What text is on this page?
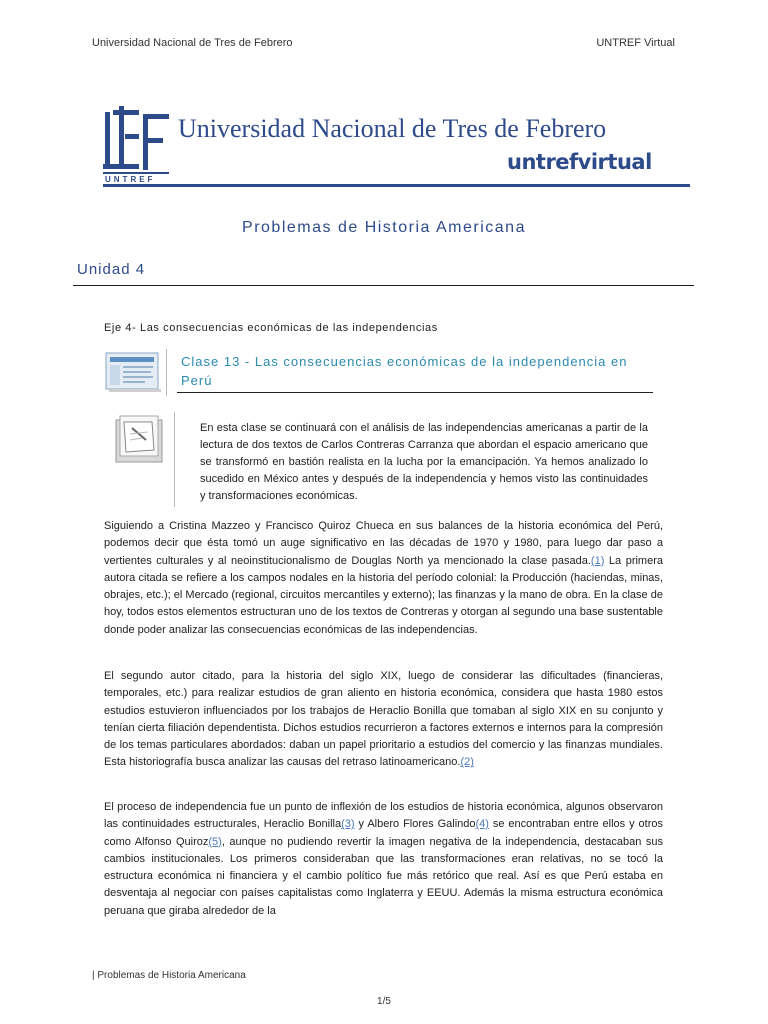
Universidad Nacional de Tres de Febrero	UNTREF Virtual
UNTREF
Universidad Nacional de Tres de Febrero
untrefvirtual
Problemas de Historia Americana
Unidad 4
Eje 4- Las consecuencias económicas de las independencias
Clase 13 - Las consecuencias económicas de la independencia en Perú
En esta clase se continuará con el análisis de las independencias americanas a partir de la lectura de dos textos de Carlos Contreras Carranza que abordan el espacio americano que se transformó en bastión realista en la lucha por la emancipación. Ya hemos analizado lo sucedido en México antes y después de la independencia y hemos visto las continuidades y transformaciones económicas.
Siguiendo a Cristina Mazzeo y Francisco Quiroz Chueca en sus balances de la historia económica del Perú, podemos decir que ésta tomó un auge significativo en las décadas de 1970 y 1980, para luego dar paso a vertientes culturales y al neoinstitucionalismo de Douglas North ya mencionado la clase pasada.(1) La primera autora citada se refiere a los campos nodales en la historia del período colonial: la Producción (haciendas, minas, obrajes, etc.); el Mercado (regional, circuitos mercantiles y externo); las finanzas y la mano de obra. En la clase de hoy, todos estos elementos estructuran uno de los textos de Contreras y otorgan al segundo una base sustentable donde poder analizar las consecuencias económicas de las independencias.
El segundo autor citado, para la historia del siglo XIX, luego de considerar las dificultades (financieras, temporales, etc.) para realizar estudios de gran aliento en historia económica, considera que hasta 1980 estos estudios estuvieron influenciados por los trabajos de Heraclio Bonilla que tomaban al siglo XIX en su conjunto y tenían cierta filiación dependentista. Dichos estudios recurrieron a factores externos e internos para la compresión de los temas particulares abordados: daban un papel prioritario a estudios del comercio y las finanzas mundiales. Esta historiografía busca analizar las causas del retraso latinoamericano.(2)
El proceso de independencia fue un punto de inflexión de los estudios de historia económica, algunos observaron las continuidades estructurales, Heraclio Bonilla(3) y Albero Flores Galindo(4) se encontraban entre ellos y otros como Alfonso Quiroz(5), aunque no pudiendo revertir la imagen negativa de la independencia, destacaban sus cambios institucionales. Los primeros consideraban que las transformaciones eran relativas, no se tocó la estructura económica ni financiera y el cambio político fue más retórico que real. Así es que Perú estaba en desventaja al negociar con países capitalistas como Inglaterra y EEUU. Además la misma estructura económica peruana que giraba alrededor de la
| Problemas de Historia Americana
1/5
